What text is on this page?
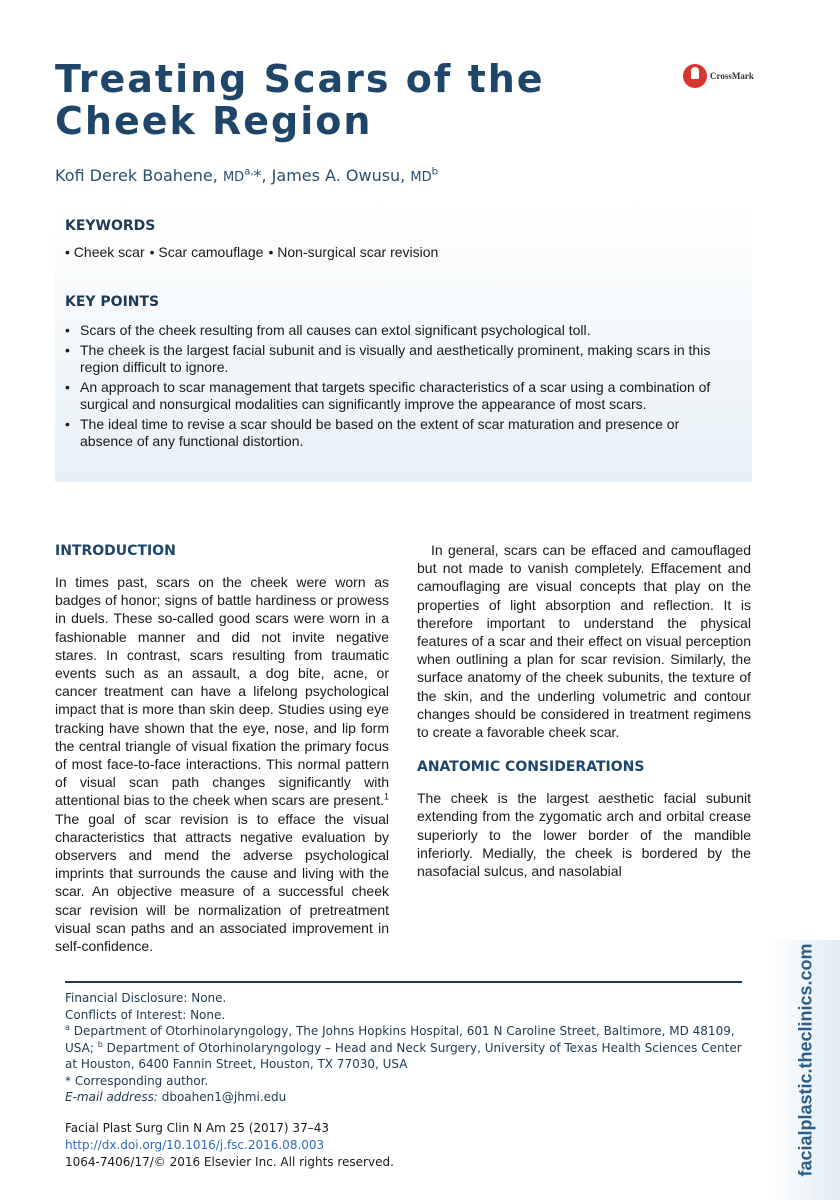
Treating Scars of the
Cheek Region
CrossMark

Kofi Derek Boahene, $MD^{a,}*$, James A. Owusu, $MD^b$

KEYWORDS
• Cheek scar • Scar camouflage • Non-surgical scar revision
KEY POINTS
• Scars of the cheek resulting from all causes can extol significant psychological toll.
• The cheek is the largest facial subunit and is visually and aesthetically prominent, making scars in this region difficult to ignore.
• An approach to scar management that targets specific characteristics of a scar using a combination of surgical and nonsurgical modalities can significantly improve the appearance of most scars.
• The ideal time to revise a scar should be based on the extent of scar maturation and presence or absence of any functional distortion.
INTRODUCTION

In times past, scars on the cheek were worn as badges of honor; signs of battle hardiness or prowess in duels. These so-called good scars were worn in a fashionable manner and did not invite negative stares. In contrast, scars resulting from traumatic events such as an assault, a dog bite, acne, or cancer treatment can have a lifelong psychological impact that is more than skin deep. Studies using eye tracking have shown that the eye, nose, and lip form the central triangle of visual fixation the primary focus of most face-to-face interactions. This normal pattern of visual scan path changes significantly with attentional bias to the cheek when scars are present.$^1$ The goal of scar revision is to efface the visual characteristics that attracts negative evaluation by observers and mend the adverse psychological imprints that surrounds the cause and living with the scar. An objective measure of a successful cheek scar revision will be normalization of pretreatment visual scan paths and an associated improvement in self-confidence.

In general, scars can be effaced and camouflaged but not made to vanish completely. Effacement and camouflaging are visual concepts that play on the properties of light absorption and reflection. It is therefore important to understand the physical features of a scar and their effect on visual perception when outlining a plan for scar revision. Similarly, the surface anatomy of the cheek subunits, the texture of the skin, and the underling volumetric and contour changes should be considered in treatment regimens to create a favorable cheek scar.

ANATOMIC CONSIDERATIONS

The cheek is the largest aesthetic facial subunit extending from the zygomatic arch and orbital crease superiorly to the lower border of the mandible inferiorly. Medially, the cheek is bordered by the nasofacial sulcus, and nasolabial

Financial Disclosure: None.

Conflicts of Interest: None.

$^a$ Department of Otorhinolaryngology, The Johns Hopkins Hospital, 601 N Caroline Street, Baltimore, MD 48109, USA; $^b$ Department of Otorhinolaryngology – Head and Neck Surgery, University of Texas Health Sciences Center at Houston, 6400 Fannin Street, Houston, TX 77030, USA

* Corresponding author.

E-mail address: dboahen1@jhmi.edu

Facial Plast Surg Clin N Am 25 (2017) 37–43

http://dx.doi.org/10.1016/j.fsc.2016.08.003

1064-7406/17/© 2016 Elsevier Inc. All rights reserved.	facialplastic.theclinics.com
